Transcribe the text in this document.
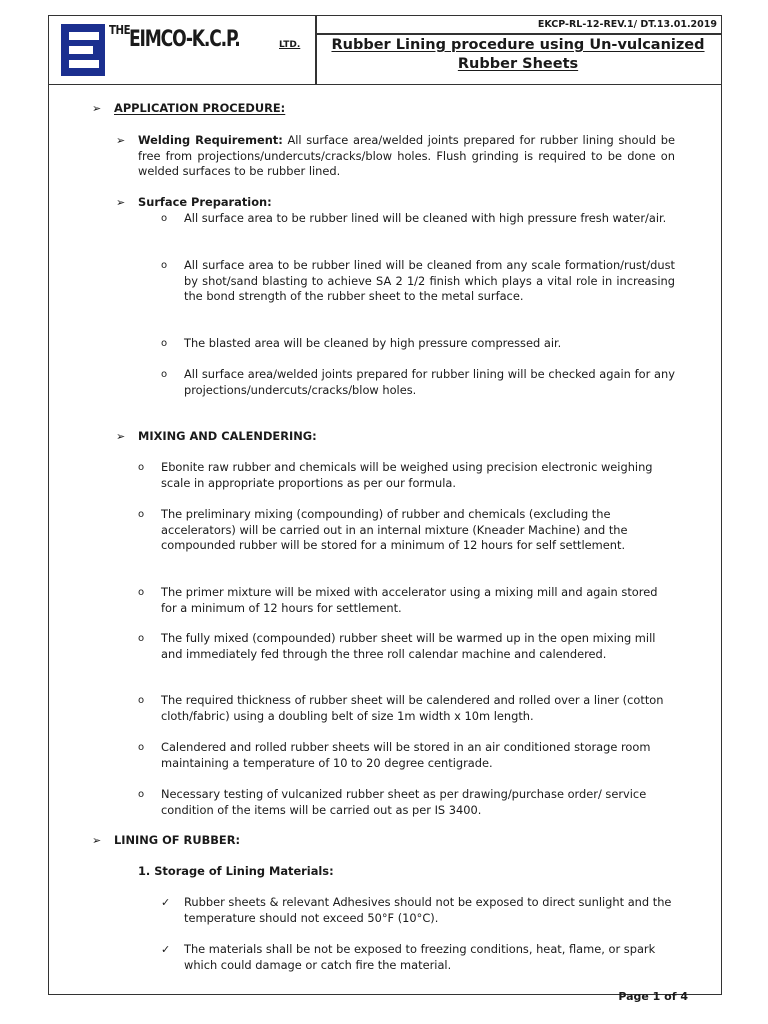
THE
EIMCO-K.C.P.	LTD.
EKCP-RL-12-REV.1/ DT.13.01.2019
Rubber Lining procedure using Un-vulcanized
Rubber Sheets
➢ APPLICATION PROCEDURE:
➢ Welding Requirement: All surface area/welded joints prepared for rubber lining should be free from projections/undercuts/cracks/blow holes. Flush grinding is required to be done on welded surfaces to be rubber lined.
➢ Surface Preparation:
o All surface area to be rubber lined will be cleaned with high pressure fresh water/air.
o All surface area to be rubber lined will be cleaned from any scale formation/rust/dust by shot/sand blasting to achieve SA 2 1/2 finish which plays a vital role in increasing the bond strength of the rubber sheet to the metal surface.
o The blasted area will be cleaned by high pressure compressed air.
o All surface area/welded joints prepared for rubber lining will be checked again for any projections/undercuts/cracks/blow holes.
➢ MIXING AND CALENDERING:
o Ebonite raw rubber and chemicals will be weighed using precision electronic weighing scale in appropriate proportions as per our formula.
o The preliminary mixing (compounding) of rubber and chemicals (excluding the accelerators) will be carried out in an internal mixture (Kneader Machine) and the compounded rubber will be stored for a minimum of 12 hours for self settlement.
o The primer mixture will be mixed with accelerator using a mixing mill and again stored for a minimum of 12 hours for settlement.
o The fully mixed (compounded) rubber sheet will be warmed up in the open mixing mill and immediately fed through the three roll calendar machine and calendered.
o The required thickness of rubber sheet will be calendered and rolled over a liner (cotton cloth/fabric) using a doubling belt of size 1m width x 10m length.
o Calendered and rolled rubber sheets will be stored in an air conditioned storage room maintaining a temperature of 10 to 20 degree centigrade.
o Necessary testing of vulcanized rubber sheet as per drawing/purchase order/ service condition of the items will be carried out as per IS 3400.
➢ LINING OF RUBBER:
1. Storage of Lining Materials:
✓ Rubber sheets & relevant Adhesives should not be exposed to direct sunlight and the temperature should not exceed 50°F (10°C).
✓ The materials shall be not be exposed to freezing conditions, heat, flame, or spark which could damage or catch fire the material.
Page 1 of 4
